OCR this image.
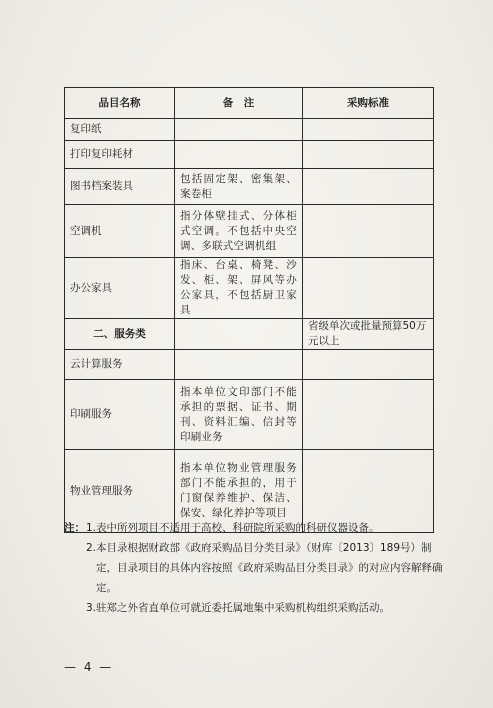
品目名称	备　注	采购标准
复印纸		
打印复印耗材		
图书档案装具	包括固定架、密集架、案卷柜	
空调机	指分体壁挂式、分体柜式空调。不包括中央空调、多联式空调机组	
办公家具	指床、台桌、椅凳、沙发、柜、架、屏风等办公家具，不包括厨卫家具	
二、服务类		省级单次或批量预算50万元以上
云计算服务		
印刷服务	指本单位文印部门不能承担的票据、证书、期刊、资料汇编、信封等印刷业务	
物业管理服务	指本单位物业管理服务部门不能承担的，用于门窗保养维护、保洁、保安、绿化养护等项目	
注： 1. 表中所列项目不适用于高校、科研院所采购的科研仪器设备。
2. 本目录根据财政部《政府采购品目分类目录》（财库〔2013〕189号）制定，目录项目的具体内容按照《政府采购品目分类目录》的对应内容解释确定。
3. 驻郑之外省直单位可就近委托属地集中采购机构组织采购活动。
— 4 —
